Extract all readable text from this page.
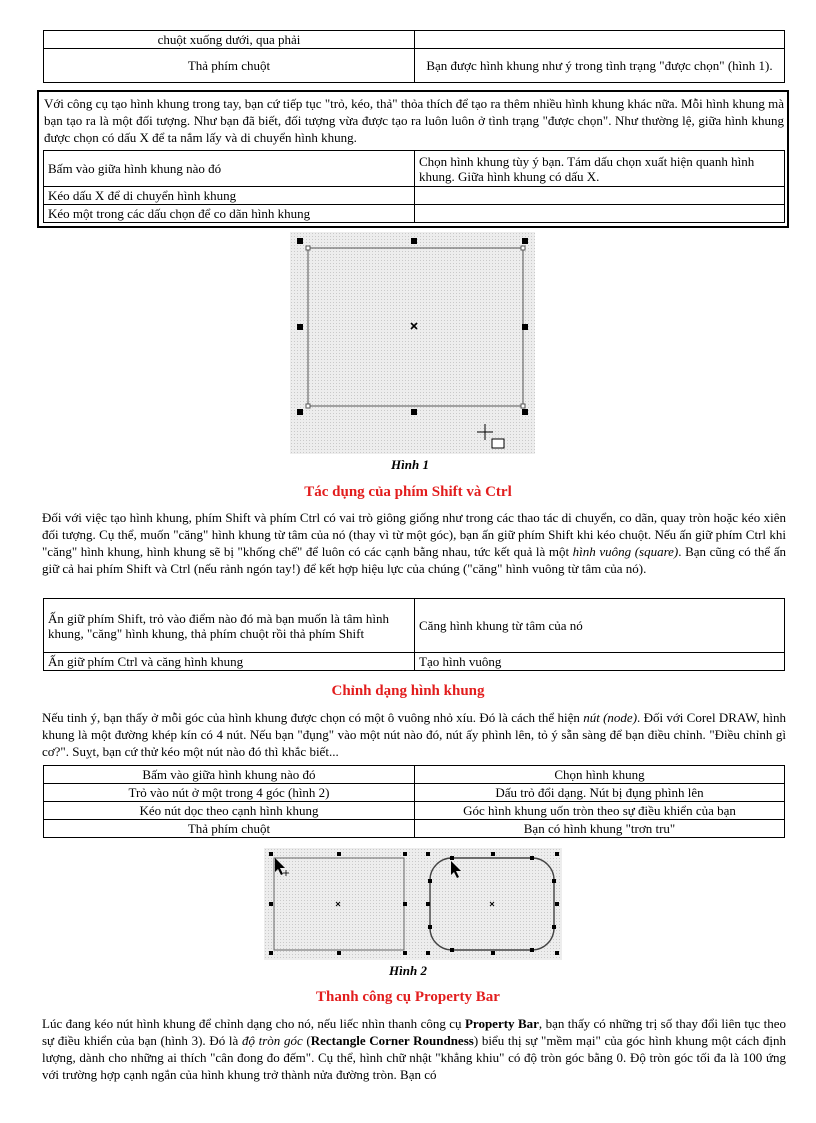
chuột xuống dưới, qua phải	
Thả phím chuột	Bạn được hình khung như ý trong tình trạng "được chọn" (hình 1).
Với công cụ tạo hình khung trong tay, bạn cứ tiếp tục "trỏ, kéo, thả" thỏa thích để tạo ra thêm nhiều hình khung khác nữa. Mỗi hình khung mà bạn tạo ra là một đối tượng. Như bạn đã biết, đối tượng vừa được tạo ra luôn luôn ở tình trạng "được chọn". Như thường lệ, giữa hình khung được chọn có dấu X để ta nắm lấy và di chuyển hình khung.
Bấm vào giữa hình khung nào đó	Chọn hình khung tùy ý bạn. Tám dấu chọn xuất hiện quanh hình khung. Giữa hình khung có dấu X.
Kéo dấu X để di chuyển hình khung	
Kéo một trong các dấu chọn để co dãn hình khung	
Hình 1
Tác dụng của phím Shift và Ctrl
Đối với việc tạo hình khung, phím Shift và phím Ctrl có vai trò giông giống như trong các thao tác di chuyển, co dãn, quay tròn hoặc kéo xiên đối tượng. Cụ thể, muốn "căng" hình khung từ tâm của nó (thay vì từ một góc), bạn ấn giữ phím Shift khi kéo chuột. Nếu ấn giữ phím Ctrl khi "căng" hình khung, hình khung sẽ bị "khống chế" để luôn có các cạnh bằng nhau, tức kết quả là một hình vuông (square). Bạn cũng có thể ấn giữ cả hai phím Shift và Ctrl (nếu rảnh ngón tay!) để kết hợp hiệu lực của chúng ("căng" hình vuông từ tâm của nó).
Ấn giữ phím Shift, trỏ vào điểm nào đó mà bạn muốn là tâm hình khung, "căng" hình khung, thả phím chuột rồi thả phím Shift	Căng hình khung từ tâm của nó
Ấn giữ phím Ctrl và căng hình khung	Tạo hình vuông
Chỉnh dạng hình khung
Nếu tinh ý, bạn thấy ở mỗi góc của hình khung được chọn có một ô vuông nhỏ xíu. Đó là cách thể hiện nút (node). Đối với Corel DRAW, hình khung là một đường khép kín có 4 nút. Nếu bạn "đụng" vào một nút nào đó, nút ấy phình lên, tỏ ý sẵn sàng để bạn điều chỉnh. "Điều chỉnh gì cơ?". Suỵt, bạn cứ thử kéo một nút nào đó thì khắc biết...
Bấm vào giữa hình khung nào đó	Chọn hình khung
Trỏ vào nút ở một trong 4 góc (hình 2)	Dấu trỏ đổi dạng. Nút bị đụng phình lên
Kéo nút dọc theo cạnh hình khung	Góc hình khung uốn tròn theo sự điều khiển của bạn
Thả phím chuột	Bạn có hình khung "trơn tru"
Hình 2
Thanh công cụ Property Bar
Lúc đang kéo nút hình khung để chỉnh dạng cho nó, nếu liếc nhìn thanh công cụ Property Bar, bạn thấy có những trị số thay đổi liên tục theo sự điều khiển của bạn (hình 3). Đó là độ tròn góc (Rectangle Corner Roundness) biểu thị sự "mềm mại" của góc hình khung một cách định lượng, dành cho những ai thích "cân đong đo đếm". Cụ thể, hình chữ nhật "khẳng khiu" có độ tròn góc bằng 0. Độ tròn góc tối đa là 100 ứng với trường hợp cạnh ngắn của hình khung trở thành nửa đường tròn. Bạn có
